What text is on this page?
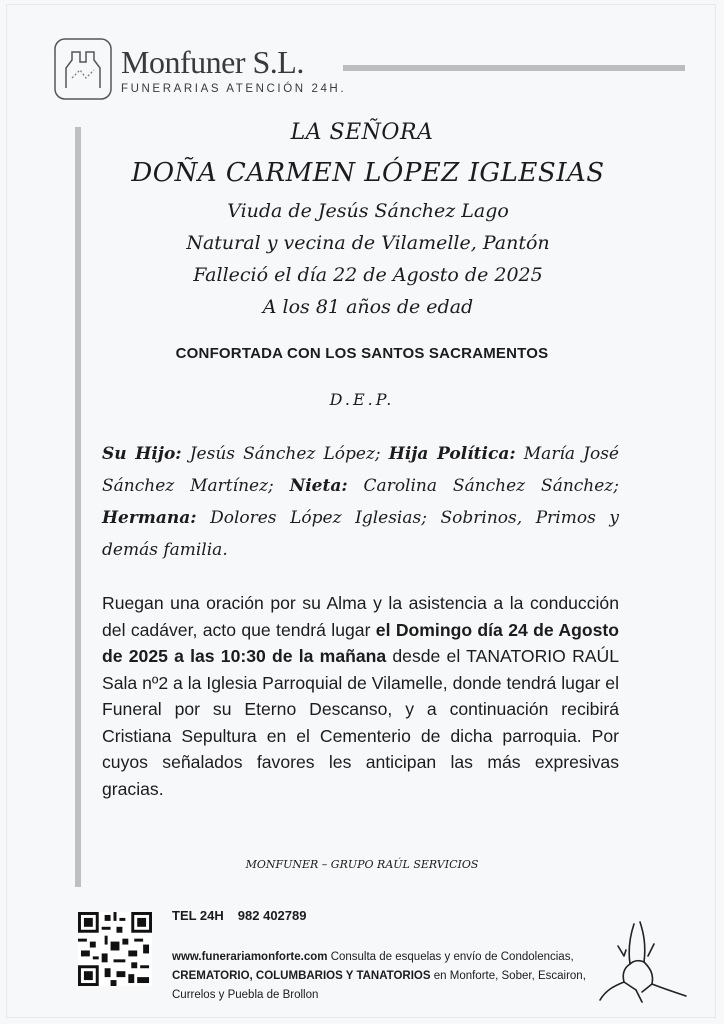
Monfuner S.L.
FUNERARIAS ATENCIÓN 24H.
LA SEÑORA
DOÑA CARMEN LÓPEZ IGLESIAS
Viuda de Jesús Sánchez Lago
Natural y vecina de Vilamelle, Pantón
Falleció el día 22 de Agosto de 2025
A los 81 años de edad
CONFORTADA CON LOS SANTOS SACRAMENTOS
D.E.P.
Su Hijo: Jesús Sánchez López; Hija Política: María José Sánchez Martínez; Nieta: Carolina Sánchez Sánchez; Hermana: Dolores López Iglesias; Sobrinos, Primos y demás familia.
Ruegan una oración por su Alma y la asistencia a la conducción del cadáver, acto que tendrá lugar el Domingo día 24 de Agosto de 2025 a las 10:30 de la mañana desde el TANATORIO RAÚL Sala nº2 a la Iglesia Parroquial de Vilamelle, donde tendrá lugar el Funeral por su Eterno Descanso, y a continuación recibirá Cristiana Sepultura en el Cementerio de dicha parroquia. Por cuyos señalados favores les anticipan las más expresivas gracias.
MONFUNER – GRUPO RAÚL SERVICIOS
TEL 24H 982 402789
www.funerariamonforte.com Consulta de esquelas y envío de Condolencias, CREMATORIO, COLUMBARIOS Y TANATORIOS en Monforte, Sober, Escairon, Currelos y Puebla de Brollon
